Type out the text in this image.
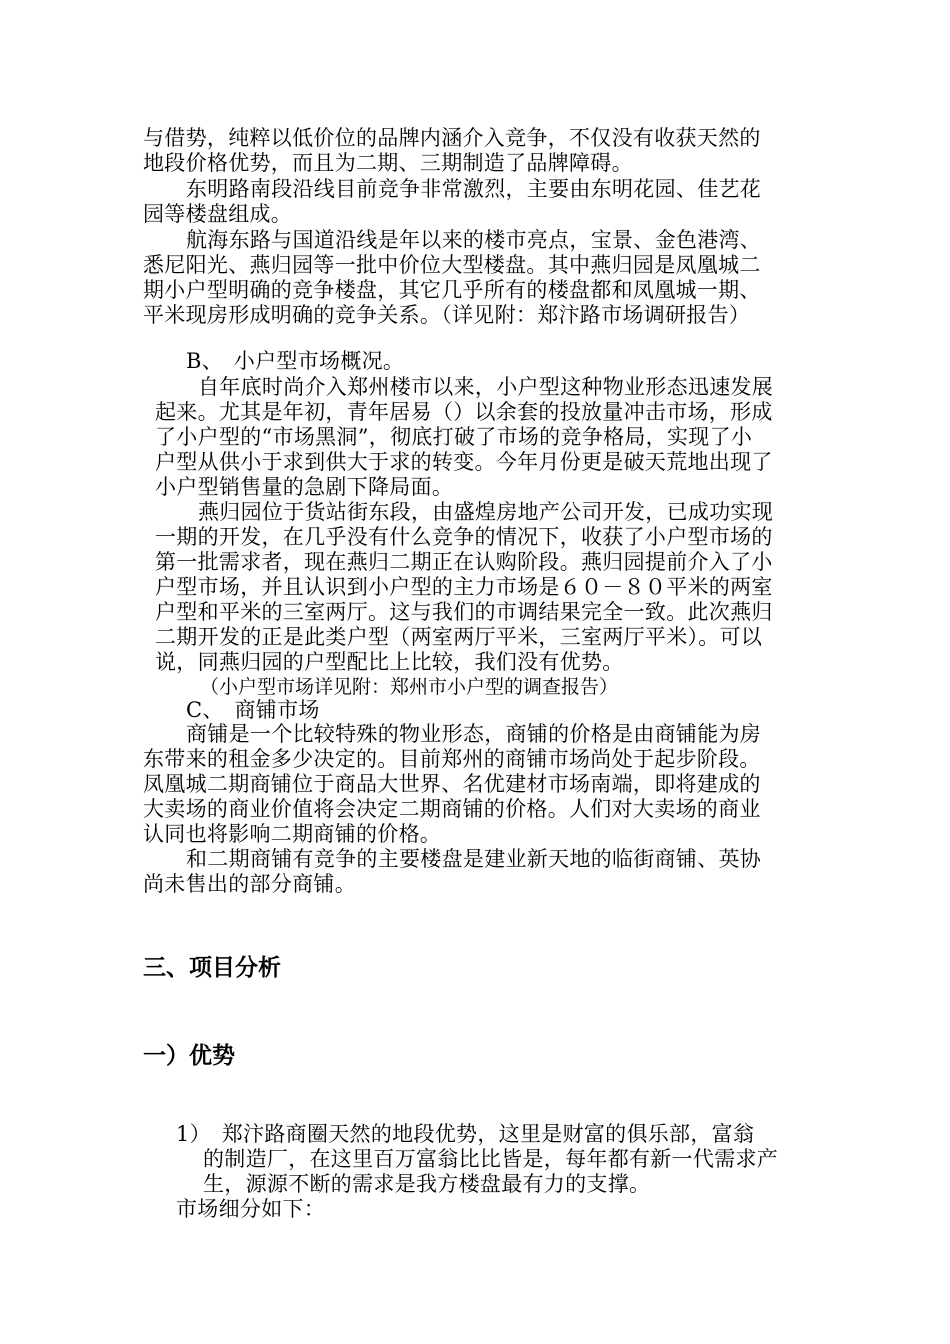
与借势，纯粹以低价位的品牌内涵介入竞争，不仅没有收获天然的
地段价格优势，而且为二期、三期制造了品牌障碍。
东明路南段沿线目前竞争非常激烈，主要由东明花园、佳艺花
园等楼盘组成。
航海东路与国道沿线是年以来的楼市亮点，宝景、金色港湾、
悉尼阳光、燕归园等一批中价位大型楼盘。其中燕归园是凤凰城二
期小户型明确的竞争楼盘，其它几乎所有的楼盘都和凤凰城一期、
平米现房形成明确的竞争关系。（详见附：郑汴路市场调研报告）
B、　小户型市场概况。
自年底时尚介入郑州楼市以来，小户型这种物业形态迅速发展
起来。尤其是年初，青年居易（）以余套的投放量冲击市场，形成
了小户型的“市场黑洞”，彻底打破了市场的竞争格局，实现了小
户型从供小于求到供大于求的转变。今年月份更是破天荒地出现了
小户型销售量的急剧下降局面。
燕归园位于货站街东段，由盛煌房地产公司开发，已成功实现
一期的开发，在几乎没有什么竞争的情况下，收获了小户型市场的
第一批需求者，现在燕归二期正在认购阶段。燕归园提前介入了小
户型市场，并且认识到小户型的主力市场是６０－８０平米的两室
户型和平米的三室两厅。这与我们的市调结果完全一致。此次燕归
二期开发的正是此类户型（两室两厅平米，三室两厅平米）。可以
说，同燕归园的户型配比上比较，我们没有优势。
（小户型市场详见附：郑州市小户型的调查报告）
C、　商铺市场
商铺是一个比较特殊的物业形态，商铺的价格是由商铺能为房
东带来的租金多少决定的。目前郑州的商铺市场尚处于起步阶段。
凤凰城二期商铺位于商品大世界、名优建材市场南端，即将建成的
大卖场的商业价值将会决定二期商铺的价格。人们对大卖场的商业
认同也将影响二期商铺的价格。
和二期商铺有竞争的主要楼盘是建业新天地的临街商铺、英协
尚未售出的部分商铺。
三、项目分析
一）优势
1）　郑汴路商圈天然的地段优势，这里是财富的俱乐部，富翁
的制造厂，在这里百万富翁比比皆是，每年都有新一代需求产
生，源源不断的需求是我方楼盘最有力的支撑。
市场细分如下：
